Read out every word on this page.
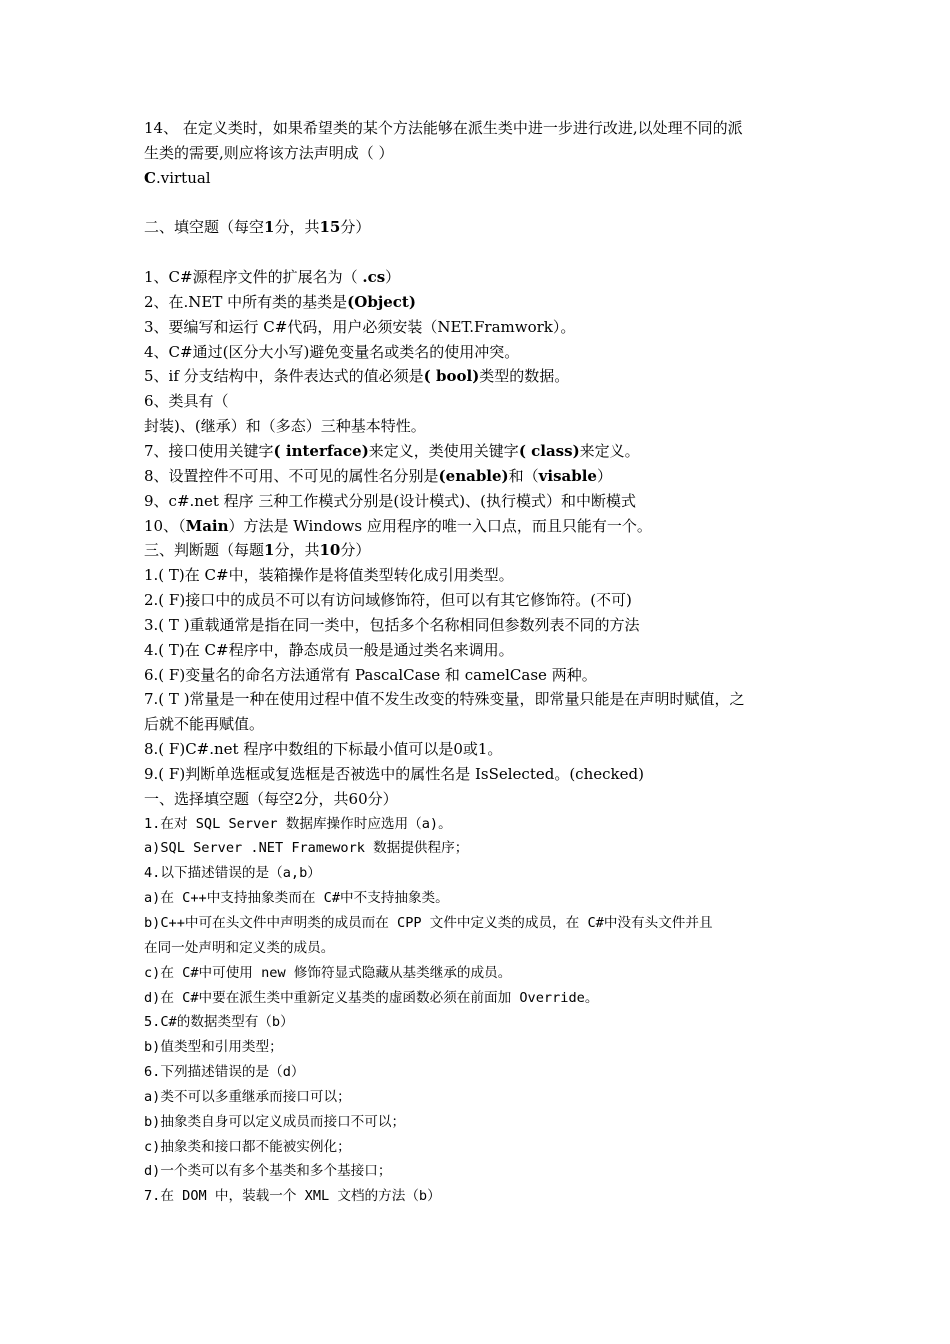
14、 在定义类时，如果希望类的某个方法能够在派生类中进一步进行改进,以处理不同的派
生类的需要,则应将该方法声明成（ ）
C.virtual
二、填空题（每空1分，共15分）
1、C#源程序文件的扩展名为（ .cs）
2、在.NET 中所有类的基类是(Object)
3、要编写和运行 C#代码，用户必须安装（NET.Framwork）。
4、C#通过(区分大小写)避免变量名或类名的使用冲突。
5、if 分支结构中，条件表达式的值必须是( bool)类型的数据。
6、类具有（
封装)、(继承）和（多态）三种基本特性。
7、接口使用关键字( interface)来定义，类使用关键字( class)来定义。
8、设置控件不可用、不可见的属性名分别是(enable)和（visable）
9、c#.net 程序 三种工作模式分别是(设计模式)、(执行模式）和中断模式
10、（Main）方法是 Windows 应用程序的唯一入口点，而且只能有一个。
三、判断题（每题1分，共10分）
1.( T)在 C#中，装箱操作是将值类型转化成引用类型。
2.( F)接口中的成员不可以有访问域修饰符，但可以有其它修饰符。(不可)
3.( T )重载通常是指在同一类中，包括多个名称相同但参数列表不同的方法
4.( T)在 C#程序中，静态成员一般是通过类名来调用。
6.( F)变量名的命名方法通常有 PascalCase 和 camelCase 两种。
7.( T )常量是一种在使用过程中值不发生改变的特殊变量，即常量只能是在声明时赋值，之
后就不能再赋值。
8.( F)C#.net 程序中数组的下标最小值可以是0或1。
9.( F)判断单选框或复选框是否被选中的属性名是 IsSelected。(checked)
一、选择填空题（每空2分，共60分）
1.在对 SQL Server 数据库操作时应选用（a)。
a)SQL Server .NET Framework 数据提供程序；
4.以下描述错误的是（a,b）
a)在 C++中支持抽象类而在 C#中不支持抽象类。
b)C++中可在头文件中声明类的成员而在 CPP 文件中定义类的成员，在 C#中没有头文件并且
在同一处声明和定义类的成员。
c)在 C#中可使用 new 修饰符显式隐藏从基类继承的成员。
d)在 C#中要在派生类中重新定义基类的虚函数必须在前面加 Override。
5.C#的数据类型有（b）
b)值类型和引用类型；
6.下列描述错误的是（d）
a)类不可以多重继承而接口可以；
b)抽象类自身可以定义成员而接口不可以；
c)抽象类和接口都不能被实例化；
d)一个类可以有多个基类和多个基接口；
7.在 DOM 中，装载一个 XML 文档的方法（b）
